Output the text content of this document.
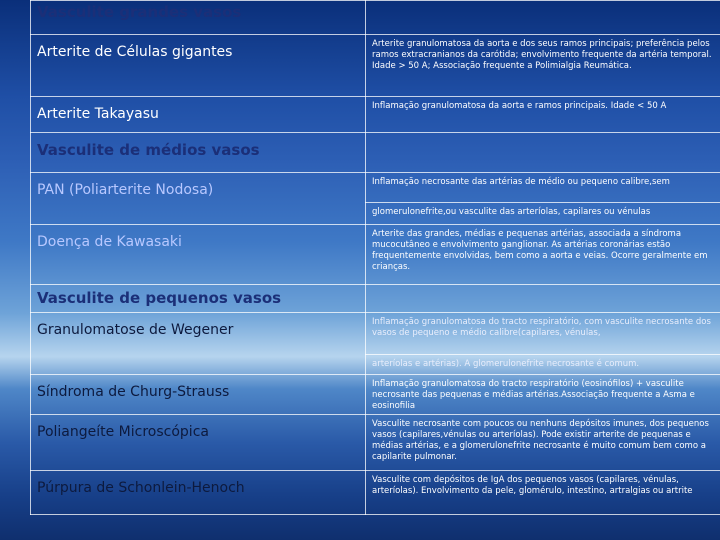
Vasculite grandes vasos	
Arterite de Células gigantes	Arterite granulomatosa da aorta e dos seus ramos principais; preferência pelos ramos extracranianos da carótida; envolvimento frequente da artéria temporal. Idade > 50 A; Associação frequente a Polimialgia Reumática.
Arterite Takayasu	Inflamação granulomatosa da aorta e ramos principais. Idade < 50 A
Vasculite de médios vasos	
PAN (Poliarterite Nodosa)	Inflamação necrosante das artérias de médio ou pequeno calibre,sem
	glomerulonefrite,ou vasculite das arteríolas, capilares ou vénulas
Doença de Kawasaki	Arterite das grandes, médias e pequenas artérias, associada a síndroma mucocutâneo e envolvimento ganglionar. As artérias coronárias estão frequentemente envolvidas, bem como a aorta e veias. Ocorre geralmente em crianças.
Vasculite de pequenos vasos	
Granulomatose de Wegener	Inflamação granulomatosa do tracto respiratório, com vasculite necrosante dos vasos de pequeno e médio calibre(capilares, vénulas,
	arteríolas e artérias). A glomerulonefrite necrosante é comum.
Síndroma de Churg-Strauss	Inflamação granulomatosa do tracto respiratório (eosinófilos) + vasculite necrosante das pequenas e médias artérias.Associação frequente a Asma e eosinofilia
Poliangeíte Microscópica	Vasculite necrosante com poucos ou nenhuns depósitos imunes, dos pequenos vasos (capilares,vénulas ou arteríolas). Pode existir arterite de pequenas e médias artérias, e a glomerulonefrite necrosante é muito comum bem como a capilarite pulmonar.
Púrpura de Schonlein-Henoch	Vasculite com depósitos de IgA dos pequenos vasos (capilares, vénulas, arteríolas). Envolvimento da pele, glomérulo, intestino, artralgias ou artrite
